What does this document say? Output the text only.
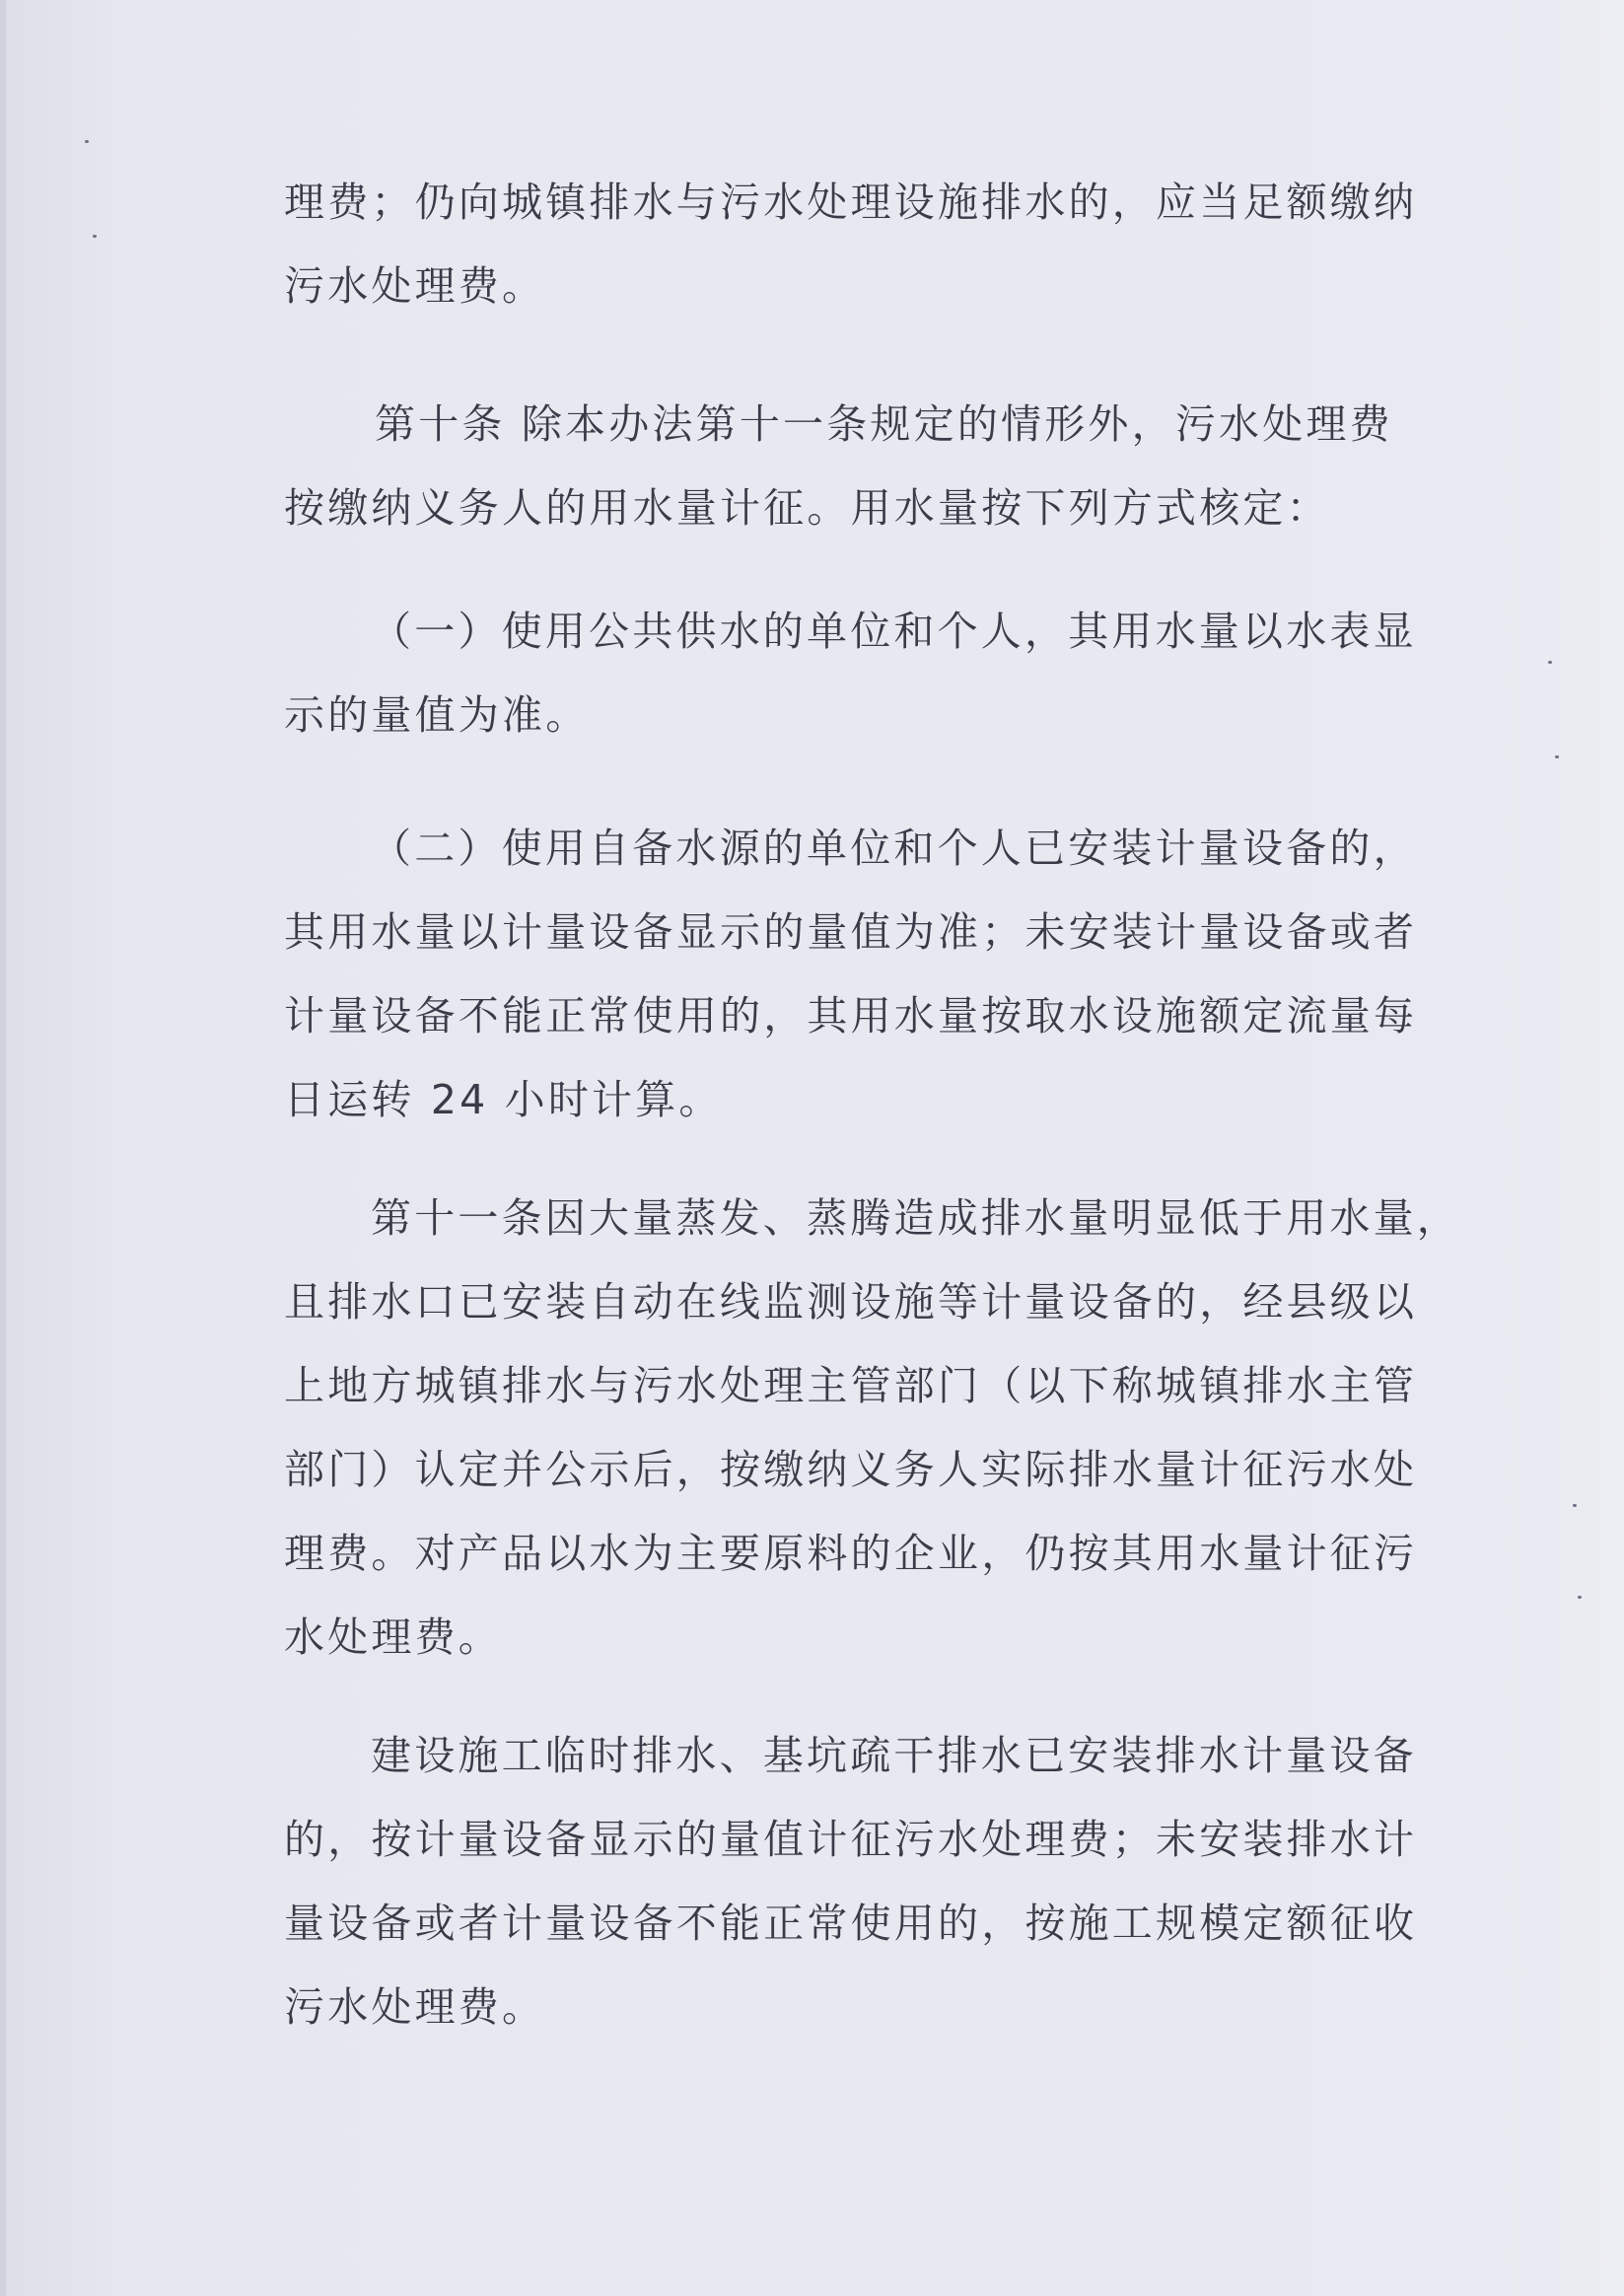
理费；仍向城镇排水与污水处理设施排水的，应当足额缴纳
污水处理费。
第十条 除本办法第十一条规定的情形外，污水处理费
按缴纳义务人的用水量计征。用水量按下列方式核定：
（一）使用公共供水的单位和个人，其用水量以水表显
示的量值为准。
（二）使用自备水源的单位和个人已安装计量设备的，
其用水量以计量设备显示的量值为准；未安装计量设备或者
计量设备不能正常使用的，其用水量按取水设施额定流量每
日运转 24 小时计算。
第十一条因大量蒸发、蒸腾造成排水量明显低于用水量，
且排水口已安装自动在线监测设施等计量设备的，经县级以
上地方城镇排水与污水处理主管部门（以下称城镇排水主管
部门）认定并公示后，按缴纳义务人实际排水量计征污水处
理费。对产品以水为主要原料的企业，仍按其用水量计征污
水处理费。
建设施工临时排水、基坑疏干排水已安装排水计量设备
的，按计量设备显示的量值计征污水处理费；未安装排水计
量设备或者计量设备不能正常使用的，按施工规模定额征收
污水处理费。
